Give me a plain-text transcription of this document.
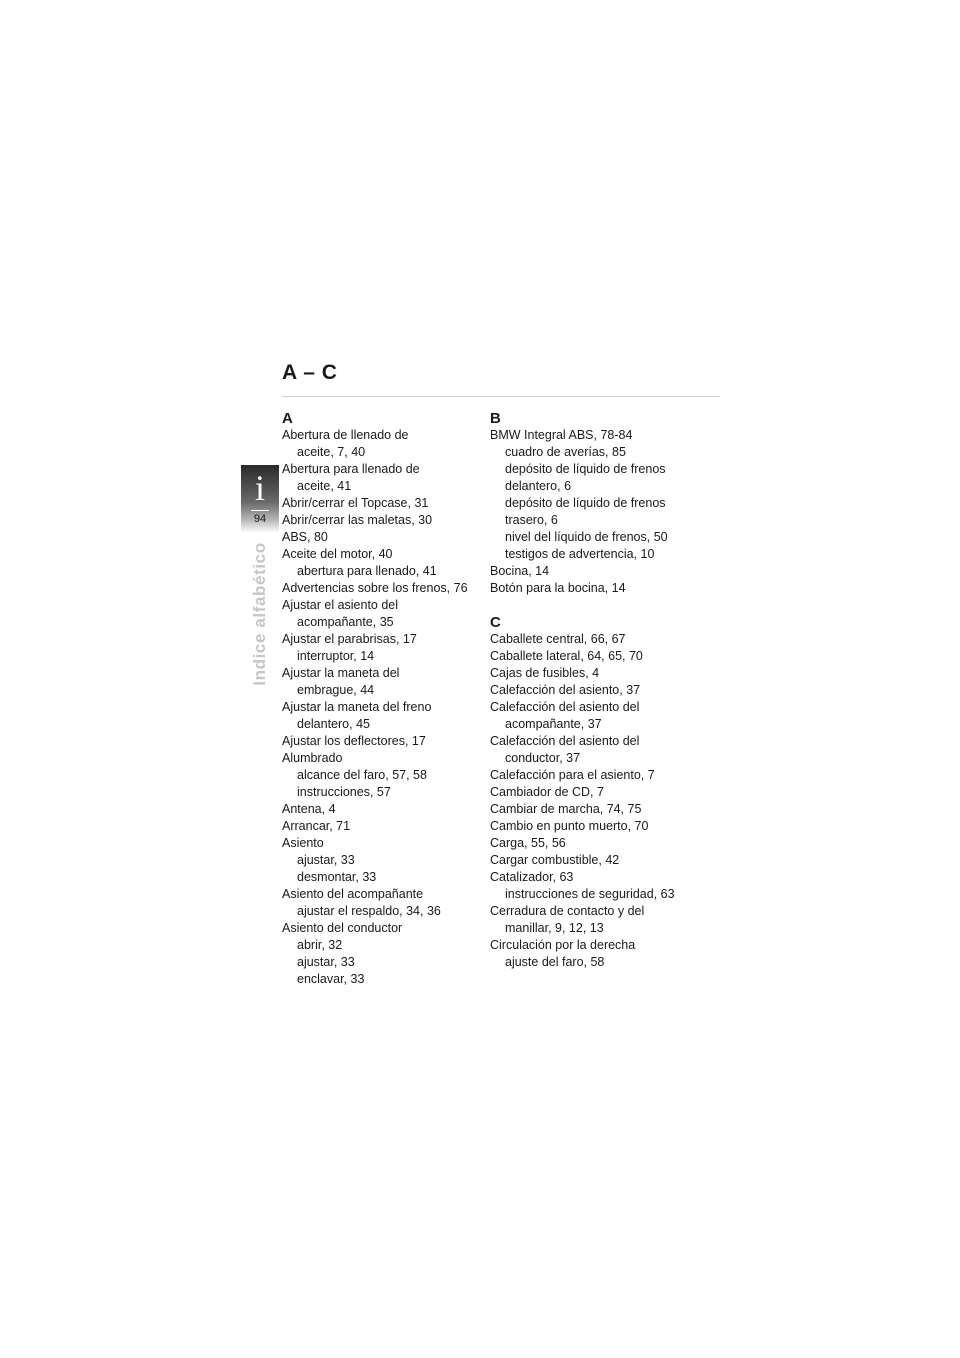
A – C
i
94
Indice alfabético
A
Abertura de llenado de
aceite, 7, 40
Abertura para llenado de
aceite, 41
Abrir/cerrar el Topcase, 31
Abrir/cerrar las maletas, 30
ABS, 80
Aceite del motor, 40
abertura para llenado, 41
Advertencias sobre los frenos, 76
Ajustar el asiento del
acompañante, 35
Ajustar el parabrisas, 17
interruptor, 14
Ajustar la maneta del
embrague, 44
Ajustar la maneta del freno
delantero, 45
Ajustar los deflectores, 17
Alumbrado
alcance del faro, 57, 58
instrucciones, 57
Antena, 4
Arrancar, 71
Asiento
ajustar, 33
desmontar, 33
Asiento del acompañante
ajustar el respaldo, 34, 36
Asiento del conductor
abrir, 32
ajustar, 33
enclavar, 33
B
BMW Integral ABS, 78-84
cuadro de averías, 85
depósito de líquido de frenos
delantero, 6
depósito de líquido de frenos
trasero, 6
nivel del líquido de frenos, 50
testigos de advertencia, 10
Bocina, 14
Botón para la bocina, 14
C
Caballete central, 66, 67
Caballete lateral, 64, 65, 70
Cajas de fusibles, 4
Calefacción del asiento, 37
Calefacción del asiento del
acompañante, 37
Calefacción del asiento del
conductor, 37
Calefacción para el asiento, 7
Cambiador de CD, 7
Cambiar de marcha, 74, 75
Cambio en punto muerto, 70
Carga, 55, 56
Cargar combustible, 42
Catalizador, 63
instrucciones de seguridad, 63
Cerradura de contacto y del
manillar, 9, 12, 13
Circulación por la derecha
ajuste del faro, 58
